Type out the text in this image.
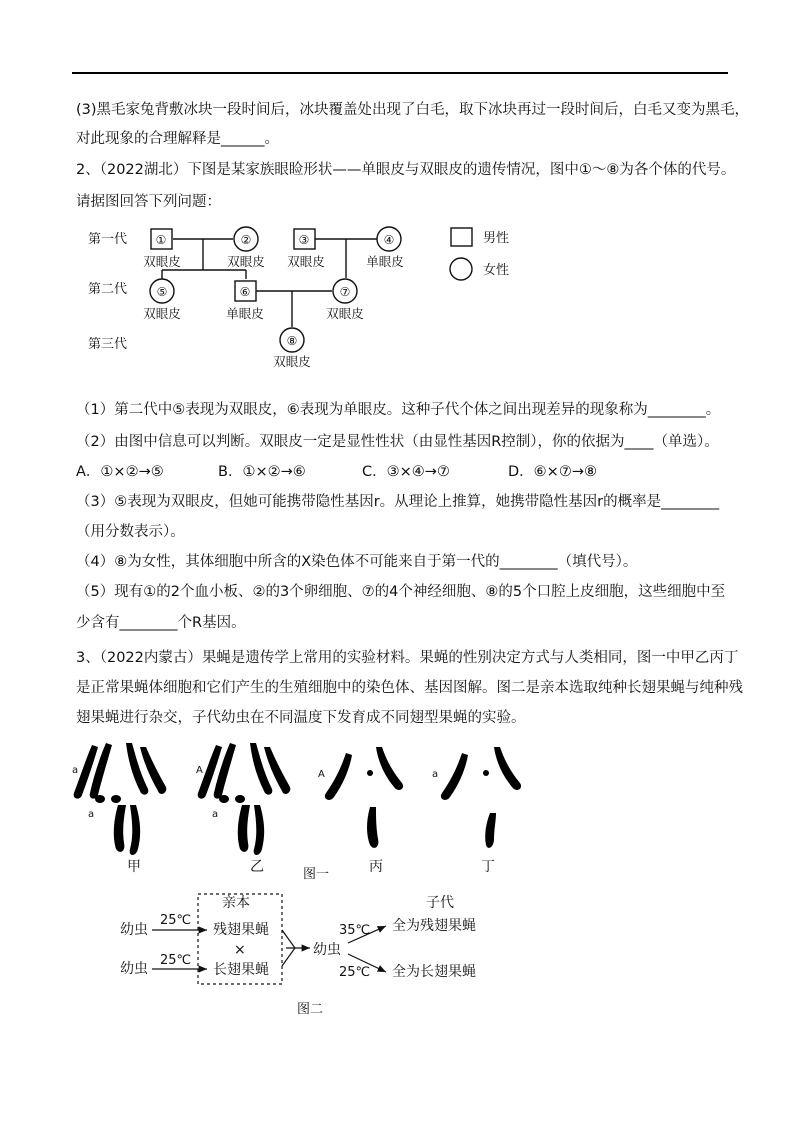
(3)黑毛家兔背敷冰块一段时间后，冰块覆盖处出现了白毛，取下冰块再过一段时间后，白毛又变为黑毛，
对此现象的合理解释是______。
2、（2022湖北）下图是某家族眼睑形状——单眼皮与双眼皮的遗传情况，图中①～⑧为各个体的代号。
请据图回答下列问题：
第一代
第二代
第三代
①	②	③	④
⑤	⑥	⑦
⑧
双眼皮	双眼皮 双眼皮	单眼皮
双眼皮	单眼皮	双眼皮
双眼皮
男性
女性
（1）第二代中⑤表现为双眼皮，⑥表现为单眼皮。这种子代个体之间出现差异的现象称为________。
（2）由图中信息可以判断。双眼皮一定是显性性状（由显性基因R控制），你的依据为____（单选）。
A．①×②→⑤	B．①×②→⑥	C．③×④→⑦	D．⑥×⑦→⑧
（3）⑤表现为双眼皮，但她可能携带隐性基因r。从理论上推算，她携带隐性基因r的概率是________
（用分数表示）。
（4）⑧为女性，其体细胞中所含的X染色体不可能来自于第一代的________（填代号）。
（5）现有①的2个血小板、②的3个卵细胞、⑦的4个神经细胞、⑧的5个口腔上皮细胞，这些细胞中至
少含有________个R基因。
3、（2022内蒙古）果蝇是遗传学上常用的实验材料。果蝇的性别决定方式与人类相同，图一中甲乙丙丁
是正常果蝇体细胞和它们产生的生殖细胞中的染色体、基因图解。图二是亲本选取纯种长翅果蝇与纯种残
翅果蝇进行杂交，子代幼虫在不同温度下发育成不同翅型果蝇的实验。
a
a
A
a
A	a
甲	乙	丙	丁
图一
幼虫
幼虫
25℃
25℃
亲本
残翅果蝇
×
长翅果蝇
幼虫
35℃
25℃
子代
全为残翅果蝇
全为长翅果蝇
图二
